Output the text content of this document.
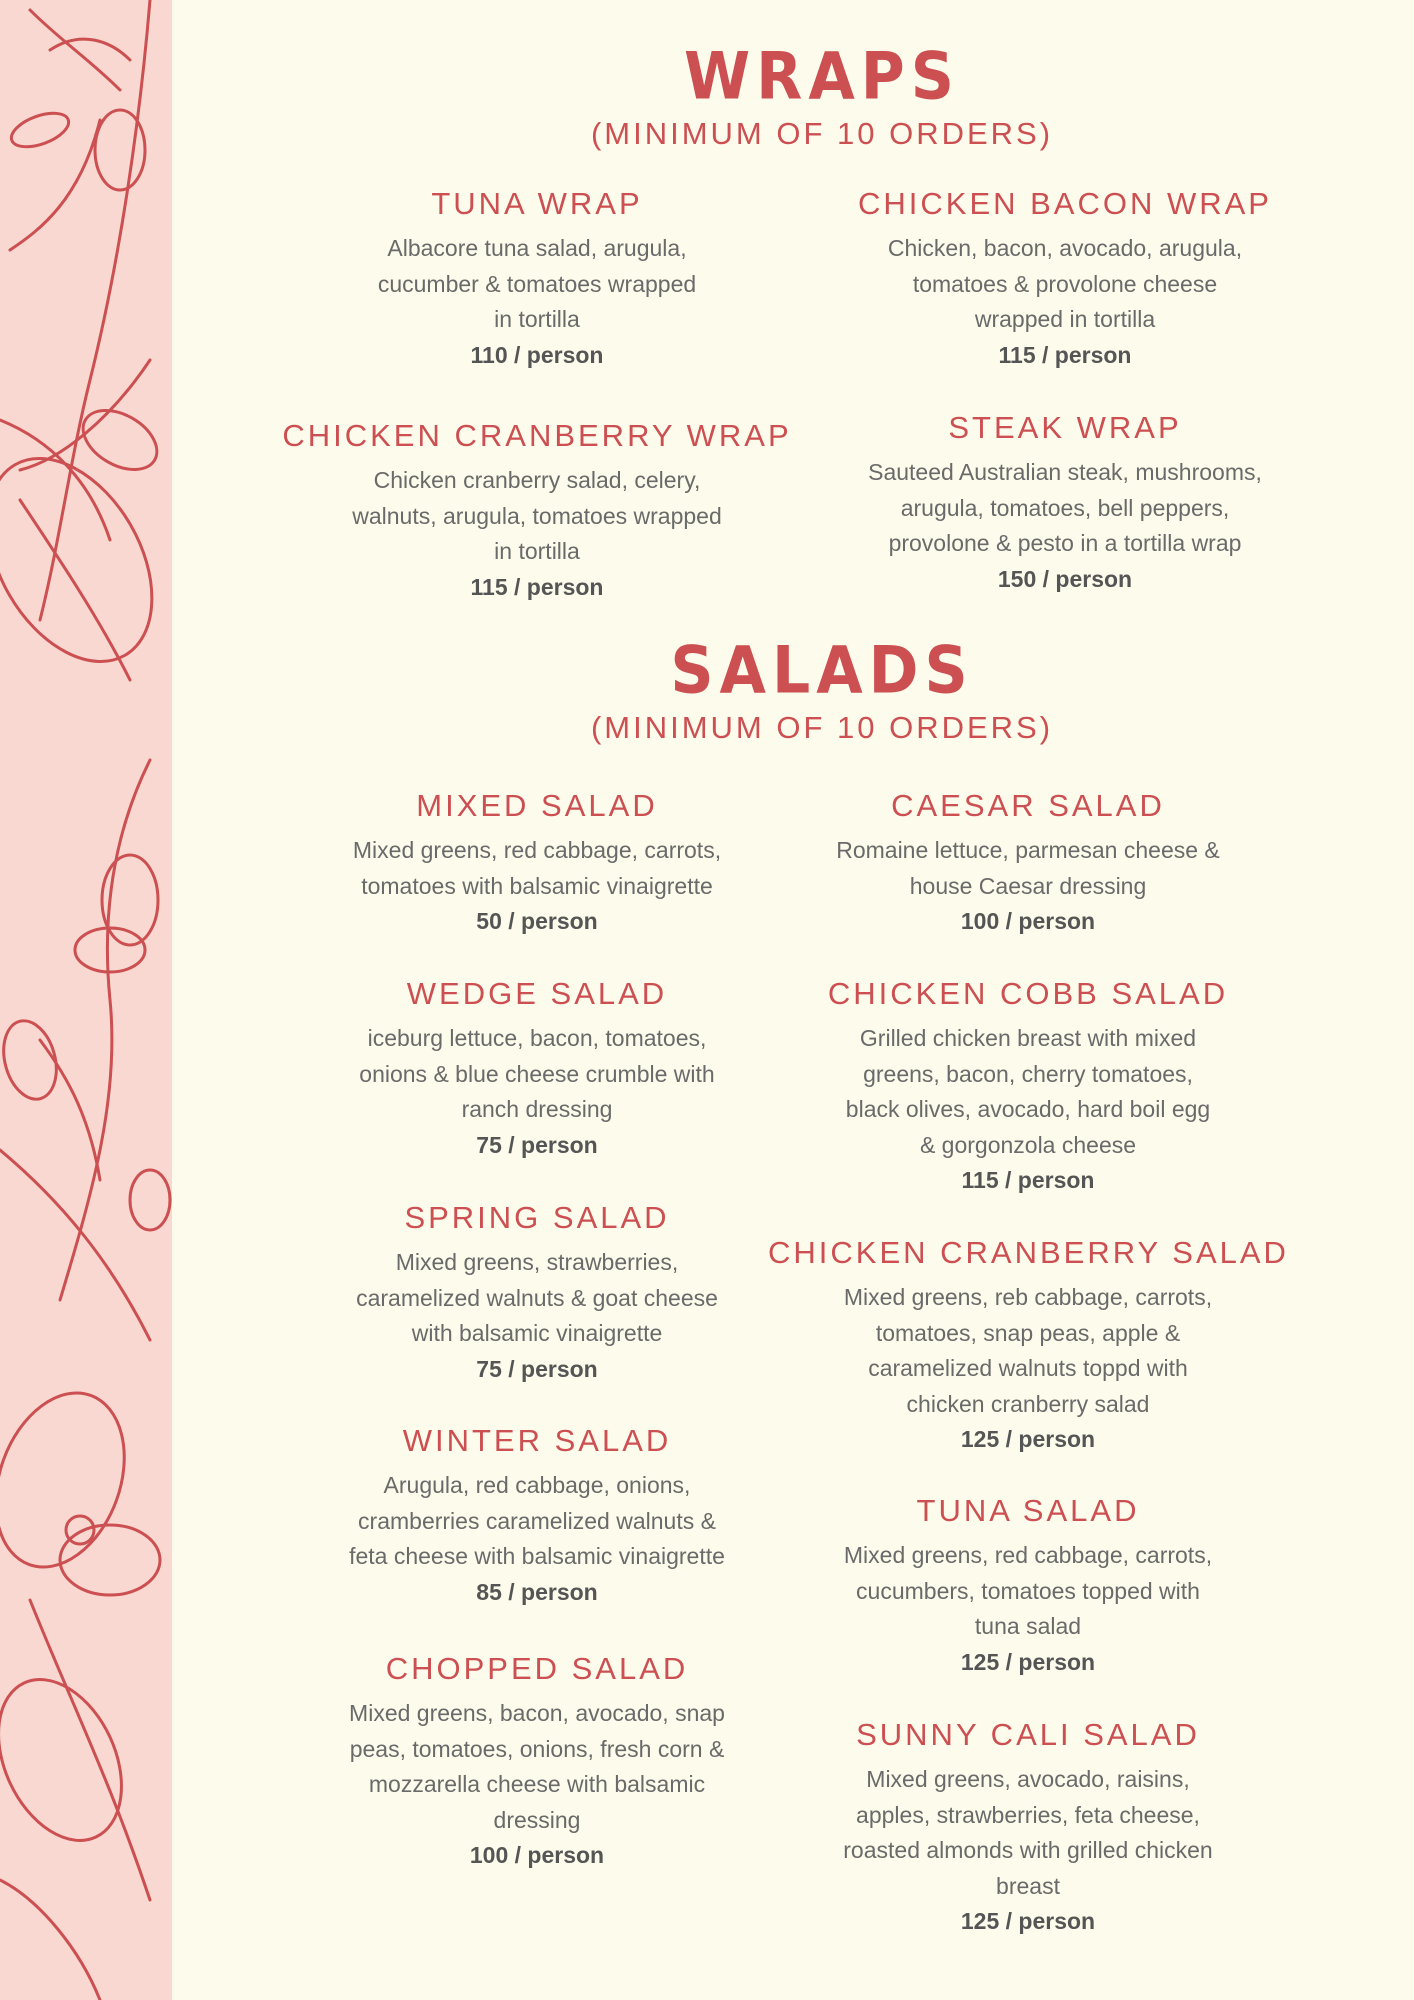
WRAPS
(MINIMUM OF 10 ORDERS)
TUNA WRAP
Albacore tuna salad, arugula,
cucumber & tomatoes wrapped
in tortilla
110 / person
CHICKEN BACON WRAP
Chicken, bacon, avocado, arugula,
tomatoes & provolone cheese
wrapped in tortilla
115 / person
CHICKEN CRANBERRY WRAP
Chicken cranberry salad, celery,
walnuts, arugula, tomatoes wrapped
in tortilla
115 / person
STEAK WRAP
Sauteed Australian steak, mushrooms,
arugula, tomatoes, bell peppers,
provolone & pesto in a tortilla wrap
150 / person
SALADS
(MINIMUM OF 10 ORDERS)
MIXED SALAD
Mixed greens, red cabbage, carrots,
tomatoes with balsamic vinaigrette
50 / person
WEDGE SALAD
iceburg lettuce, bacon, tomatoes,
onions & blue cheese crumble with
ranch dressing
75 / person
SPRING SALAD
Mixed greens, strawberries,
caramelized walnuts & goat cheese
with balsamic vinaigrette
75 / person
WINTER SALAD
Arugula, red cabbage, onions,
cramberries caramelized walnuts &
feta cheese with balsamic vinaigrette
85 / person
CHOPPED SALAD
Mixed greens, bacon, avocado, snap
peas, tomatoes, onions, fresh corn &
mozzarella cheese with balsamic
dressing
100 / person
CAESAR SALAD
Romaine lettuce, parmesan cheese &
house Caesar dressing
100 / person
CHICKEN COBB SALAD
Grilled chicken breast with mixed
greens, bacon, cherry tomatoes,
black olives, avocado, hard boil egg
& gorgonzola cheese
115 / person
CHICKEN CRANBERRY SALAD
Mixed greens, reb cabbage, carrots,
tomatoes, snap peas, apple &
caramelized walnuts toppd with
chicken cranberry salad
125 / person
TUNA SALAD
Mixed greens, red cabbage, carrots,
cucumbers, tomatoes topped with
tuna salad
125 / person
SUNNY CALI SALAD
Mixed greens, avocado, raisins,
apples, strawberries, feta cheese,
roasted almonds with grilled chicken
breast
125 / person
